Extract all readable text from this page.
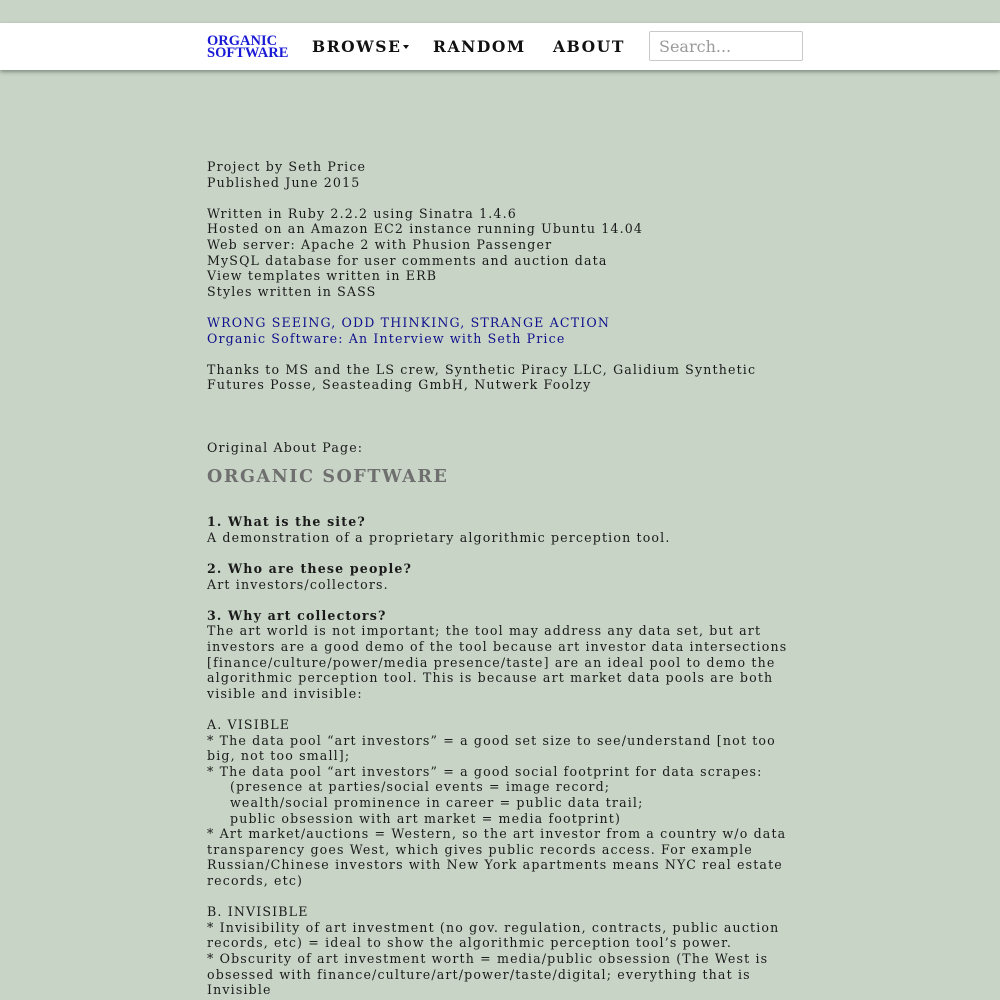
ORGANIC
SOFTWARE BROWSE	RANDOM ABOUT
Search...
Project by Seth Price
Published June 2015
Written in Ruby 2.2.2 using Sinatra 1.4.6
Hosted on an Amazon EC2 instance running Ubuntu 14.04
Web server: Apache 2 with Phusion Passenger
MySQL database for user comments and auction data
View templates written in ERB
Styles written in SASS
WRONG SEEING, ODD THINKING, STRANGE ACTION
Organic Software: An Interview with Seth Price
Thanks to MS and the LS crew, Synthetic Piracy LLC, Galidium Synthetic Futures Posse, Seasteading GmbH, Nutwerk Foolzy
Original About Page:
ORGANIC SOFTWARE
1. What is the site?
A demonstration of a proprietary algorithmic perception tool.
2. Who are these people?
Art investors/collectors.
3. Why art collectors?
The art world is not important; the tool may address any data set, but art investors are a good demo of the tool because art investor data intersections [finance/culture/power/media presence/taste] are an ideal pool to demo the algorithmic perception tool. This is because art market data pools are both visible and invisible:
A. VISIBLE
* The data pool “art investors” = a good set size to see/understand [not too big, not too small];
* The data pool “art investors” = a good social footprint for data scrapes:
(presence at parties/social events = image record;
wealth/social prominence in career = public data trail;
public obsession with art market = media footprint)
* Art market/auctions = Western, so the art investor from a country w/o data transparency goes West, which gives public records access. For example Russian/Chinese investors with New York apartments means NYC real estate records, etc)
B. INVISIBLE
* Invisibility of art investment (no gov. regulation, contracts, public auction records, etc) = ideal to show the algorithmic perception tool’s power.
* Obscurity of art investment worth = media/public obsession (The West is obsessed with finance/culture/art/power/taste/digital; everything that is Invisible
